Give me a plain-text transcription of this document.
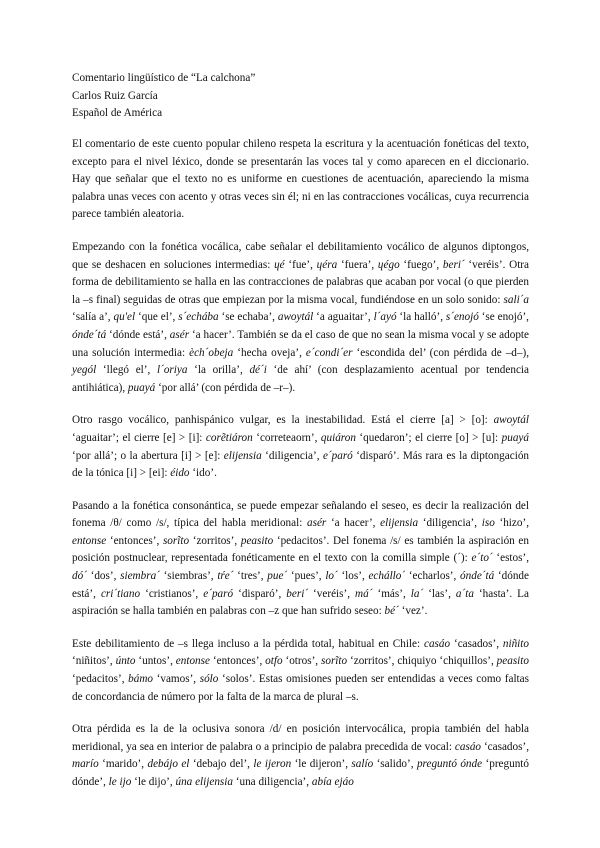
Comentario lingüístico de “La calchona”
Carlos Ruiz García
Español de América

El comentario de este cuento popular chileno respeta la escritura y la acentuación fonéticas del texto, excepto para el nivel léxico, donde se presentarán las voces tal y como aparecen en el diccionario. Hay que señalar que el texto no es uniforme en cuestiones de acentuación, apareciendo la misma palabra unas veces con acento y otras veces sin él; ni en las contracciones vocálicas, cuya recurrencia parece también aleatoria.

Empezando con la fonética vocálica, cabe señalar el debilitamiento vocálico de algunos diptongos, que se deshacen en soluciones intermedias: ɥé ‘fue’, ɥéra ‘fuera’, ɥégo ‘fuego’, beri´ ‘veréis’. Otra forma de debilitamiento se halla en las contracciones de palabras que acaban por vocal (o que pierden la –s final) seguidas de otras que empiezan por la misma vocal, fundiéndose en un solo sonido: sali´a ‘salía a’, qu'el ‘que el’, s´echába ‘se echaba’, awoytál ‘a aguaitar’, l´ayó ‘la halló’, s´enojó ‘se enojó’, ónde´tá ‘dónde está’, asér ‘a hacer’. También se da el caso de que no sean la misma vocal y se adopte una solución intermedia: èch´obeja ‘hecha oveja’, e´condi´er ‘escondida del’ (con pérdida de –d–), yegól ‘llegó el’, l´oriya ‘la orilla’, dé´i ‘de ahí’ (con desplazamiento acentual por tendencia antihiática), puayá ‘por allá’ (con pérdida de –r–).

Otro rasgo vocálico, panhispánico vulgar, es la inestabilidad. Está el cierre [a] > [o]: awoytál ‘aguaitar’; el cierre [e] > [i]: corẽtiáron ‘correteaorn’, quiáron ‘quedaron’; el cierre [o] > [u]: puayá ‘por allá’; o la abertura [i] > [e]: elijensia ‘diligencia’, e´paró ‘disparó’. Más rara es la diptongación de la tónica [i] > [ei]: éido ‘ido’.

Pasando a la fonética consonántica, se puede empezar señalando el seseo, es decir la realización del fonema /θ/ como /s/, típica del habla meridional: asér ‘a hacer’, elijensia ‘diligencia’, iso ‘hizo’, entonse ‘entonces’, sorĩto ‘zorritos’, peasito ‘pedacitos’. Del fonema /s/ es también la aspiración en posición postnuclear, representada fonéticamente en el texto con la comilla simple (´): e´to´ ‘estos’, dó´ ‘dos’, siembra´ ‘siembras’, tŕe´ ‘tres’, pue´ ‘pues’, lo´ ‘los’, echállo´ ‘echarlos’, ónde´tá ‘dónde está’, cri´tiano ‘cristianos’, e´paró ‘disparó’, beri´ ‘veréis’, má´ ‘más’, la´ ‘las’, a´ta ‘hasta’. La aspiración se halla también en palabras con –z que han sufrido seseo: bé´ ‘vez’.

Este debilitamiento de –s llega incluso a la pérdida total, habitual en Chile: casáo ‘casados’, niñito ‘niñitos’, únto ‘untos’, entonse ‘entonces’, otfo ‘otros’, sorĩto ‘zorritos’, chiquiyo ‘chiquillos’, peasito ‘pedacitos’, bámo ‘vamos’, sólo ‘solos’. Estas omisiones pueden ser entendidas a veces como faltas de concordancia de número por la falta de la marca de plural –s.

Otra pérdida es la de la oclusiva sonora /d/ en posición intervocálica, propia también del habla meridional, ya sea en interior de palabra o a principio de palabra precedida de vocal: casáo ‘casados’, marío ‘marido’, debájo el ‘debajo del’, le ijeron ‘le dijeron’, salío ‘salido’, preguntó ónde ‘preguntó dónde’, le ijo ‘le dijo’, úna elijensia ‘una diligencia’, abía ejáo
